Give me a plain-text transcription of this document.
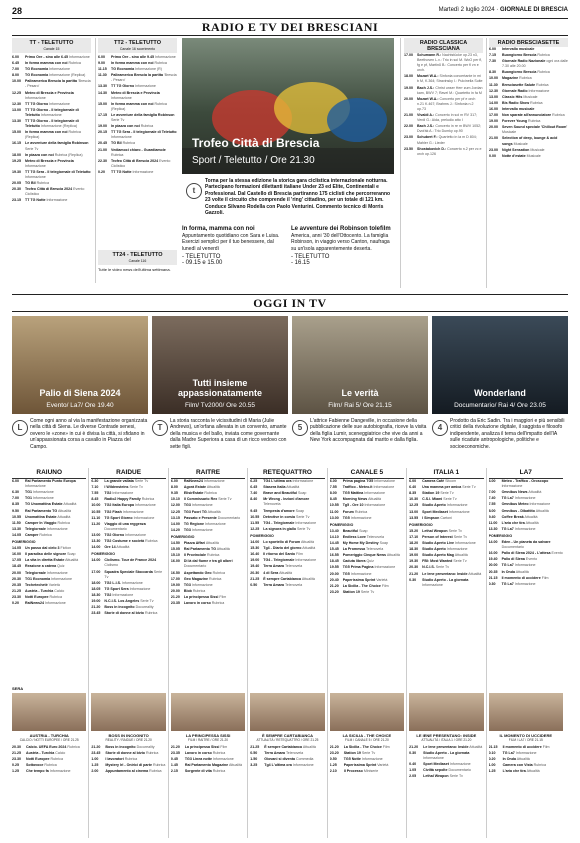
28	Martedì 2 luglio 2024 · GIORNALE DI BRESCIA
RADIO E TV DEI BRESCIANI
TT - TELETUTTO
Canale 15
6.00	Primo Ore - sino alle 6.45 Informazione
6.45	In forma mamma con noi Rubrica
7.00	TG Economia Informazione
8.00	TG Economia Informazione (Replica)
10.00	Palleamerica Brescia la partita 'Brescia - Pesaro'
12.25	Meteo di Brescia e Provincia Informazione
12.30	TT TG Giorno Informazione
13.00	TT TG Giorno - Il telegiornale di Teletutto Informazione
13.30	TT TG Giorno - Il telegiornale di Teletutto Informazione (Replica)
15.00	In forma mamma con noi Rubrica (Replica)
16.15	Le avventure della famiglia Robinson Serie Tv
18.00	In piazza con noi Rubrica (Replica)
19.25	Meteo di Brescia e Provincia Informazione
19.30	TT TG Sera - Il telegiornale di Teletutto Informazione
20.05	TG Bil Rubrica
20.30	Trofeo Città di Brescia 2024 Evento Ciclistico
23.15	TT TG Notte Informazione
TT2 - TELETUTTO
Canale 16 scorrimento
6.00	Primo Ore - sino alle 9.45 Informazione
9.00	In forma mamma con noi Rubrica
11.15	TG Economia Informazione (R)
11.30	Palleamerica Brescia la partita 'Brescia - Pesaro'
13.30	TT TG Giorno Informazione
14.30	Meteo di Brescia e Provincia Informazione
15.00	In forma mamma con noi Rubrica (Replica)
17.15	Le avventure della famiglia Robinson Serie Tv
19.00	In piazza con noi Rubrica
20.15	TT TG Sera - Il telegiornale di Teletutto Informazione
20.45	TG Bil Rubrica
21.00	Vediamoci chiaro - Guardiamole Rubrica
22.30	Trofeo Città di Brescia 2024 Evento Ciclistico
0.20	TT TG Notte Informazione
TT24 - TELETUTTO
Canale 116
Tutte le video news dell'ultima settimana.
Trofeo Città di Brescia
Sport / Teletutto / Ore 21.30
t
Torna per la stessa edizione la storica gara ciclistica internazionale notturna. Partecipano formazioni dilettanti italiane Under 23 ed Elite, Continentali e Professional. Dal Castello di Brescia partiranno 175 ciclisti che percorreranno 23 volte il circuito che comprende il 'ring' cittadino, per un totale di 121 km. Conduce Silvano Rodella con Paolo Venturini. Commento tecnico di Morris Gazzoli.
In forma, mamma con noi
Appuntamento quotidiano con Sara e Luisa. Esercizi semplici per il tuo benessere, dal lunedì al venerdì
- TELETUTTO
- 09.15 e 15.00
Le avventure dei Robinson tolefilm
America, anni '30 dell'Ottocento. La famiglia Robinson, in viaggio verso Canton, naufraga su un'isola apparentemente deserta.
- TELETUTTO
- 16.15
RADIO CLASSICA BRESCIANA
17.00	Schumann R.: Nachtstücke op.23 n3, Beethoven L.v.: Trio in sol M. WoO per fl, fg e pf, Martinů B.: Concerto per fl vn e orch.
18.00	Mozart W.A.: Sinfonia concertante in mi b M, K.364; Stravinsky I.: Pulcinella Suite
19.00	Bach J.S.: Christ unser Herr zum Jordan kam, BWV 7; Ravel M.: Quartetto in fa M
20.00	Mozart W.A.: Concerto per pf e orch n.21 K.467; Brahms J.: Sinfonia n.2 op.73
21.00	Vivaldi A.: Concerto in sol m RV 317; Verdi G.: Aida, preludio atto I
22.00	Bach J.S.: Concerto in re m BWV 1052; Dvořák A.: Trio Dumky op.90
23.00	Schubert F.: Quartetto in la m D 804; Mahler G.: Lieder
23.50	Shostakovich D.: Concerto n.2 per vc e orch op.126
RADIO BRESCIASETTE
6.00	Intervallo musicale
7.15	Buongiorno Brescia Rubrica
7.30	Giornale Radio Nazionale ogni ora dalle 7.30 alle 20.00
8.30	Buongiorno Brescia Rubrica
10.00	Magazine Rubrica
11.30	Bresciasette Salute Rubrica
12.30	Giornale Radio Informazione
13.00	Classic Hits Musicale
14.00	Bis Radio Show Rubrica
16.00	Intervallo musicale
17.00	Non sparate all'annunciatore Rubrica
19.00	Forever Young Rubrica
20.00	Seven Sound speciale 'Chillout Room' Musicale
21.00	Selection of deep, lounge & acid songs Musicale
23.00	Night Sensation Musicale
0.00	Notte d'estate Musicale
OGGI IN TV
Palio di Siena 2024
Evento/ La7/ Ore 19.40
Tutti insieme appassionatamente
Film/ Tv2000/ Ore 20.55
Le verità
Film/ Rai 5/ Ore 21.15
Wonderland
Documentario/ Rai 4/ Ore 23.05
L
Come ogni anno al via la manifestazione organizzata nella città di Siena. Le diverse Contrade senesi, ovvero le «zone» in cui è divisa la città, si sfidano in un'appassionata corsa a cavallo in Piazza del Campo.
T
La storia racconta le vicissitudini di Maria (Julie Andrews), un'orfana allevata in un convento, amante della musica e del ballo, inviata come governante dalla Madre Superiora a casa di un ricco vedovo con sette figli.
5
L'attrice Fabienne Dangeville, in occasione della pubblicazione delle sue autobiografia, riceve la visita della figlia Lumir, sceneggiatrice che vive da anni a New York accompagnata dal marito e dalla figlia.
4
Prodotto da Eric Sadin. Tra i maggiori e più sensibili critici della rivoluzione digitale, il saggista e filosofo indipendente, analizza il tema dell'impatto dell'IA sulle ricadute antropologiche, politiche e socioeconomiche.
RAIUNO
6.00	Rai Parlamento Punto Europa Informazione
6.30	TG1 Informazione
7.00	TG1 Informazione
8.35	TG Unomattina Estate Attualità
9.50	Rai Parlamento TG Attualità
10.55	Unomattina Estate Attualità
11.50	Camper In Viaggio Rubrica
13.30	Telegiornale Informazione
14.05	Camper Rubrica
POMERIGGIO
14.05	Un passo dal cielo 3 Fiction
16.00	Il paradiso delle signore Soap
17.05	La vita in diretta Estate Attualità
18.45	Reazione a catena Quiz
20.00	Telegiornale Informazione
20.30	TG1 Economia Informazione
20.35	Techetechetè Varietà
21.25	Austria - Turchia Calcio
23.30	Notti Europee Rubrica
0.20	RaiNews24 Informazione
RAIDUE
6.30	La grande vallata Serie Tv
7.10	I Wildensteins Serie Tv
7.55	TG2 Informazione
8.45	Radio2 Happy Family Rubrica
10.00	TG2 Italia Europa Informazione
10.55	TG2 Flash Informazione
11.10	TG Sport Giorno Informazione
11.20	Viaggio di una reggenza Documentario
13.00	TG2 Giorno Informazione
13.30	TG2 Costume e società Rubrica
14.00	Ore 14 Attualità
POMERIGGIO
14.00	Ciclismo. Tour de France 2024 Ciclismo
17.00	Squadra Speciale Stoccarda Serie Tv
18.00	TG2 L.I.S. Informazione
18.05	TG Sport Sera Informazione
18.30	TG2 Informazione
19.00	N.C.I.S. Los Angeles Serie Tv
21.20	Boss in incognito Docureality
23.45	Storie di donne al bivio Rubrica
RAITRE
6.00	RaiNews24 Informazione
8.00	Agorà Estate Attualità
9.35	ElisirEstate Rubrica
10.10	Il Commissario Rex Serie Tv
12.00	TG3 Informazione
12.25	TG3 Fuori TG Attualità
13.15	Passato e Presente Documentario
14.00	TG Regione Informazione
14.20	TG3 Informazione
POMERIGGIO
14.50	Piazza Affari Attualità
15.05	Rai Parlamento TG Attualità
15.10	Il Provinciale Rubrica
16.00	Di là dal fiume e tra gli alberi Documentario
16.50	Aspettando Geo Rubrica
17.00	Geo Magazine Rubrica
19.00	TG3 Informazione
20.00	Blob Rubrica
21.20	La principessa Sissi Film
23.35	Lavoro in corso Rubrica
RETEQUATTRO
6.25	TG4 L'ultima ora Informazione
6.45	Stasera Italia Attualità
7.40	Brave and Beautiful Soap
8.40	Mr Wrong - lezioni d'amore Telenovela
9.45	Tempesta d'amore Soap
10.55	Detective in corsia Serie Tv
11.55	TG4 - Telegiornale Informazione
12.25	La signora in giallo Serie Tv
POMERIGGIO
14.00	Lo sportello di Forum Attualità
15.30	Tg4 - Diario del giorno Attualità
16.40	Il ritorno del Santo Film
19.00	TG4 - Telegiornale Informazione
19.40	Terra Amara Telenovela
20.30	4 di Sera Attualità
21.25	È sempre Cartabianca Attualità
0.50	Terra Amara Telenovela
CANALE 5
6.00	Prima pagina TG5 Informazione
7.55	Traffico - Meteo.it Informazione
8.00	TG5 Mattina Informazione
8.45	Morning News Attualità
10.55	Tg5 - Ore 10 Informazione
11.00	Forum Rubrica
13.00	TG5 Informazione
POMERIGGIO
13.40	Beautiful Soap
14.10	Endless Love Telenovela
14.45	My Home My Destiny Soap
15.45	La Promessa Telenovela
16.55	Pomeriggio Cinque News Attualità
18.45	Caduta libera Quiz
19.55	TG5 Prima Pagina Informazione
20.00	TG5 Informazione
20.40	Paperissima Sprint Varietà
21.20	La Sicilia - The Choice Film
23.20	Station 19 Serie Tv
ITALIA 1
6.00	Camera Café Sitcom
6.40	Una mamma per amica Serie Tv
8.35	Station 19 Serie Tv
10.30	C.S.I. Miami Serie Tv
12.25	Studio Aperto Informazione
13.00	Sport Mediaset Informazione
13.55	I Simpson Cartoni
POMERIGGIO
15.20	Lethal Weapon Serie Tv
17.10	Person of Interest Serie Tv
18.20	Studio Aperto Live Informazione
18.30	Studio Aperto Informazione
19.00	Studio Aperto Mag Attualità
19.30	FBI: Most Wanted Serie Tv
20.30	N.C.I.S. Serie Tv
21.20	Le Iene presentano: Inside Attualità
0.30	Studio Aperto - La giornata Informazione
LA7
6.00	Meteo - Traffico - Oroscopo Informazione
7.00	Omnibus News Attualità
7.40	TG La7 Informazione
7.55	Omnibus Meteo Informazione
8.00	Omnibus - Dibattito Attualità
9.40	Coffee Break Attualità
11.00	L'aria che tira Attualità
13.30	TG La7 Informazione
POMERIGGIO
14.00	Eden - Un pianeta da salvare Documentario
16.00	Palio di Siena 2024 - L'attesa Evento
19.40	Palio di Siena Evento
20.00	TG La7 Informazione
20.35	In Onda Attualità
21.15	Il momento di uccidere Film
0.30	TG La7 Informazione
SERA
AUSTRIA - TURCHIA
CALCIO / NOTTI EUROPEE / ORE 21.25
20.30	Calcio. UEFA Euro 2024 Rubrica
21.25	Austria - Turchia Calcio
23.30	Notti Europee Rubrica
0.25	Sottovoce Rubrica
1.25	Che tempo fa Informazione
BOSS IN INCOGNITO
REALITY / RAIDUE / ORE 21.20
21.20	Boss in incognito Docureality
23.45	Storie di donne al bivio Rubrica
1.00	I lavoratori Rubrica
1.25	Mystery Irl - Onirici di parte Rubrica
2.00	Appuntamento al cinema Rubrica
LA PRINCIPESSA SISSI
FILM / RAITRE / ORE 21.20
21.20	La principessa Sissi Film
23.35	Lavoro in corso Rubrica
0.45	TG3 Linea notte Informazione
1.45	Rai Parlamento Magazine Attualità
2.15	Sorgente di vita Rubrica
È SEMPRE CARTABIANCA
ATTUALITÀ / RETEQUATTRO / ORE 21.25
21.25	È sempre Cartabianca Attualità
0.50	Terra Amara Telenovela
1.50	Giovani si diventa Commedia
3.25	Tg4 L'ultima ora Informazione
LA SICILIA - THE CHOICE
FILM / CANALE 5 / ORE 21.20
21.20	La Sicilia - The Choice Film
23.20	Station 19 Serie Tv
0.50	TG5 Notte Informazione
1.25	Paperissima Sprint Varietà
2.10	Il Processo Miniserie
LE IENE PRESENTANO: INSIDE
ATTUALITÀ / ITALIA 1 / ORE 21.20
21.20	Le Iene presentano: Inside Attualità
0.30	Studio Aperto - La giornata Informazione
0.40	Sport Mediaset Informazione
1.05	Civiltà sepolte Documentario
2.05	Lethal Weapon Serie Tv
IL MOMENTO DI UCCIDERE
FILM / LA7 / ORE 21.15
21.15	Il momento di uccidere Film
0.10	TG La7 Informazione
0.20	In Onda Attualità
1.00	Camera con Vista Rubrica
1.25	L'aria che tira Attualità
